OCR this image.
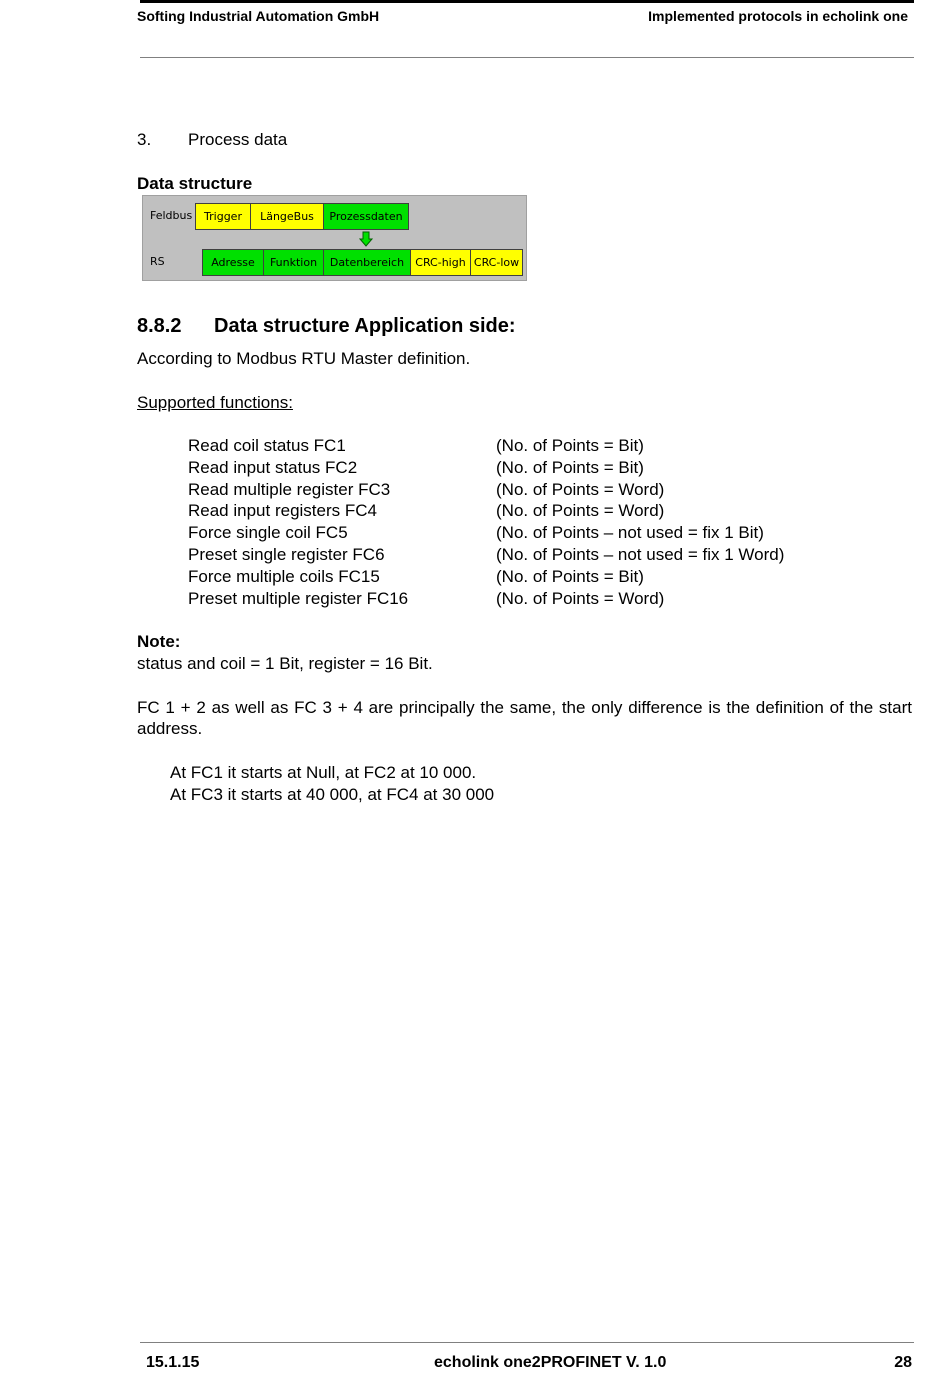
Softing Industrial Automation GmbH	Implemented protocols in echolink one
3. Process data
Data structure
Feldbus
RS
Trigger	LängeBus	Prozessdaten
Adresse	Funktion	Datenbereich	CRC-high CRC-low
8.8.2 Data structure Application side:
According to Modbus RTU Master definition.
Supported functions:
Read coil status FC1	(No. of Points = Bit)
Read input status FC2	(No. of Points = Bit)
Read multiple register FC3	(No. of Points = Word)
Read input registers FC4	(No. of Points = Word)
Force single coil FC5	(No. of Points – not used = fix 1 Bit)
Preset single register FC6	(No. of Points – not used = fix 1 Word)
Force multiple coils FC15	(No. of Points = Bit)
Preset multiple register FC16	(No. of Points = Word)
Note:
status and coil = 1 Bit, register = 16 Bit.
FC 1 + 2 as well as FC 3 + 4 are principally the same, the only difference is the definition of the start address.
At FC1 it starts at Null, at FC2 at 10 000.
At FC3 it starts at 40 000, at FC4 at 30 000
15.1.15	echolink one2PROFINET V. 1.0	28
